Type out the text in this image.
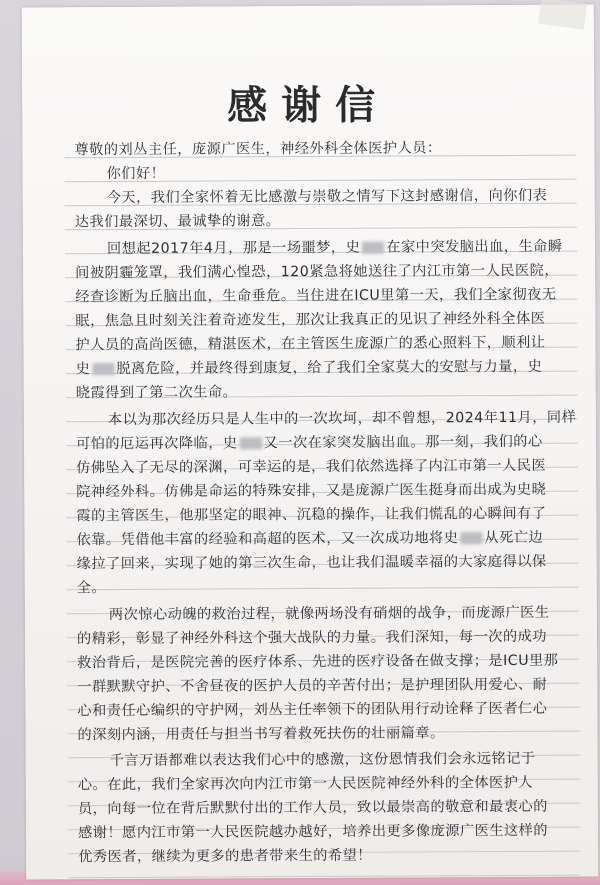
感谢信
尊敬的刘丛主任，庞源广医生，神经外科全体医护人员：
你们好！
今天，我们全家怀着无比感激与崇敬之情写下这封感谢信，向你们表
达我们最深切、最诚挚的谢意。
回想起2017年4月，那是一场噩梦，史 在家中突发脑出血，生命瞬
间被阴霾笼罩，我们满心惶恐，120紧急将她送往了内江市第一人民医院，
经查诊断为丘脑出血，生命垂危。当住进在ICU里第一天，我们全家彻夜无
眠，焦急且时刻关注着奇迹发生，那次让我真正的见识了神经外科全体医
护人员的高尚医德，精湛医术，在主管医生庞源广的悉心照料下，顺利让
史 脱离危险，并最终得到康复，给了我们全家莫大的安慰与力量，史
晓霞得到了第二次生命。
本以为那次经历只是人生中的一次坎坷，却不曾想，2024年11月，同样
可怕的厄运再次降临，史 又一次在家突发脑出血。那一刻，我们的心
仿佛坠入了无尽的深渊，可幸运的是，我们依然选择了内江市第一人民医
院神经外科。仿佛是命运的特殊安排，又是庞源广医生挺身而出成为史晓
霞的主管医生，他那坚定的眼神、沉稳的操作，让我们慌乱的心瞬间有了
依靠。凭借他丰富的经验和高超的医术，又一次成功地将史 从死亡边
缘拉了回来，实现了她的第三次生命，也让我们温暖幸福的大家庭得以保
全。
两次惊心动魄的救治过程，就像两场没有硝烟的战争，而庞源广医生
的精彩，彰显了神经外科这个强大战队的力量。我们深知，每一次的成功
救治背后，是医院完善的医疗体系、先进的医疗设备在做支撑；是ICU里那
一群默默守护、不舍昼夜的医护人员的辛苦付出；是护理团队用爱心、耐
心和责任心编织的守护网，刘丛主任率领下的团队用行动诠释了医者仁心
的深刻内涵，用责任与担当书写着救死扶伤的壮丽篇章。
千言万语都难以表达我们心中的感激，这份恩情我们会永远铭记于
心。在此，我们全家再次向内江市第一人民医院神经外科的全体医护人
员，向每一位在背后默默付出的工作人员，致以最崇高的敬意和最衷心的
感谢！愿内江市第一人民医院越办越好，培养出更多像庞源广医生这样的
优秀医者，继续为更多的患者带来生的希望！
